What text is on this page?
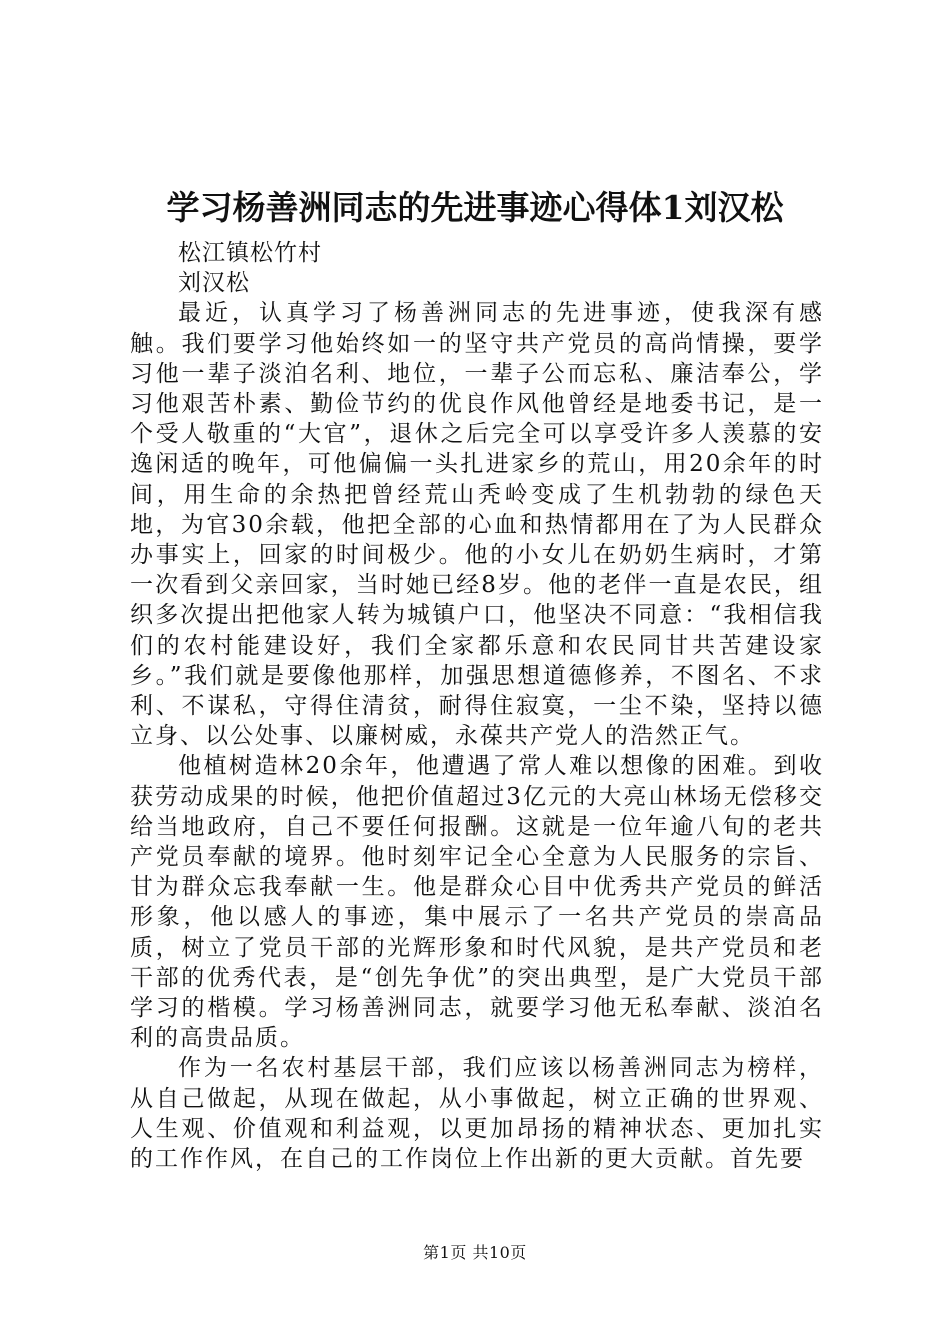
学习杨善洲同志的先进事迹心得体1刘汉松

松江镇松竹村

刘汉松

最近，认真学习了杨善洲同志的先进事迹，使我深有感触。我们要学习他始终如一的坚守共产党员的高尚情操，要学习他一辈子淡泊名利、地位，一辈子公而忘私、廉洁奉公，学习他艰苦朴素、勤俭节约的优良作风他曾经是地委书记，是一个受人敬重的“大官”，退休之后完全可以享受许多人羡慕的安逸闲适的晚年，可他偏偏一头扎进家乡的荒山，用20余年的时间，用生命的余热把曾经荒山秃岭变成了生机勃勃的绿色天地，为官30余载，他把全部的心血和热情都用在了为人民群众办事实上，回家的时间极少。他的小女儿在奶奶生病时，才第一次看到父亲回家，当时她已经8岁。他的老伴一直是农民，组织多次提出把他家人转为城镇户口，他坚决不同意：“我相信我们的农村能建设好，我们全家都乐意和农民同甘共苦建设家乡。”我们就是要像他那样，加强思想道德修养，不图名、不求利、不谋私，守得住清贫，耐得住寂寞，一尘不染，坚持以德立身、以公处事、以廉树威，永葆共产党人的浩然正气。

他植树造林20余年，他遭遇了常人难以想像的困难。到收获劳动成果的时候，他把价值超过3亿元的大亮山林场无偿移交给当地政府，自己不要任何报酬。这就是一位年逾八旬的老共产党员奉献的境界。他时刻牢记全心全意为人民服务的宗旨、甘为群众忘我奉献一生。他是群众心目中优秀共产党员的鲜活形象，他以感人的事迹，集中展示了一名共产党员的崇高品质，树立了党员干部的光辉形象和时代风貌，是共产党员和老干部的优秀代表，是“创先争优”的突出典型，是广大党员干部学习的楷模。学习杨善洲同志，就要学习他无私奉献、淡泊名利的高贵品质。

作为一名农村基层干部，我们应该以杨善洲同志为榜样，从自己做起，从现在做起，从小事做起，树立正确的世界观、人生观、价值观和利益观，以更加昂扬的精神状态、更加扎实的工作作风，在自己的工作岗位上作出新的更大贡献。首先要

第1页 共10页
